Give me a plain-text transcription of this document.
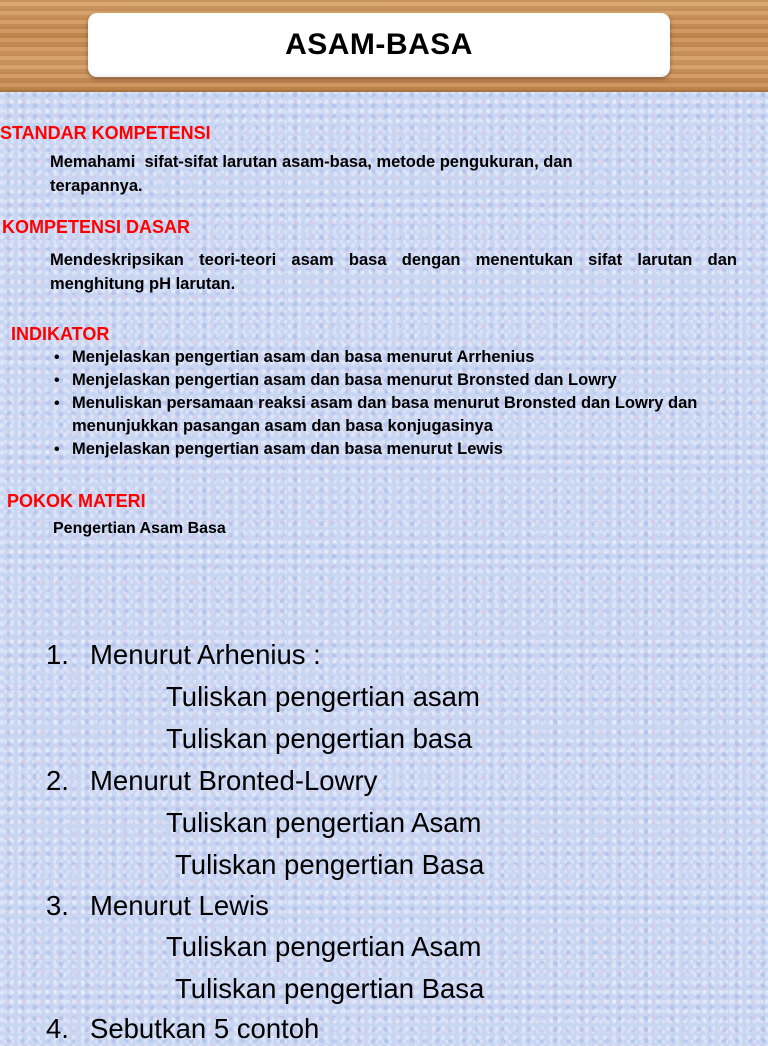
ASAM-BASA
STANDAR KOMPETENSI
Memahami  sifat-sifat larutan asam-basa, metode pengukuran, dan
terapannya.
KOMPETENSI DASAR
Mendeskripsikan teori-teori asam basa dengan menentukan sifat larutan dan menghitung pH larutan.
INDIKATOR
• Menjelaskan pengertian asam dan basa menurut Arrhenius
• Menjelaskan pengertian asam dan basa menurut Bronsted dan Lowry
• Menuliskan persamaan reaksi asam dan basa menurut Bronsted dan Lowry dan menunjukkan pasangan asam dan basa konjugasinya
• Menjelaskan pengertian asam dan basa menurut Lewis
POKOK MATERI
Pengertian Asam Basa
1. Menurut Arhenius :
Tuliskan pengertian asam
Tuliskan pengertian basa
2. Menurut Bronted-Lowry
Tuliskan pengertian Asam
Tuliskan pengertian Basa
3. Menurut Lewis
Tuliskan pengertian Asam
Tuliskan pengertian Basa
4. Sebutkan 5 contoh
